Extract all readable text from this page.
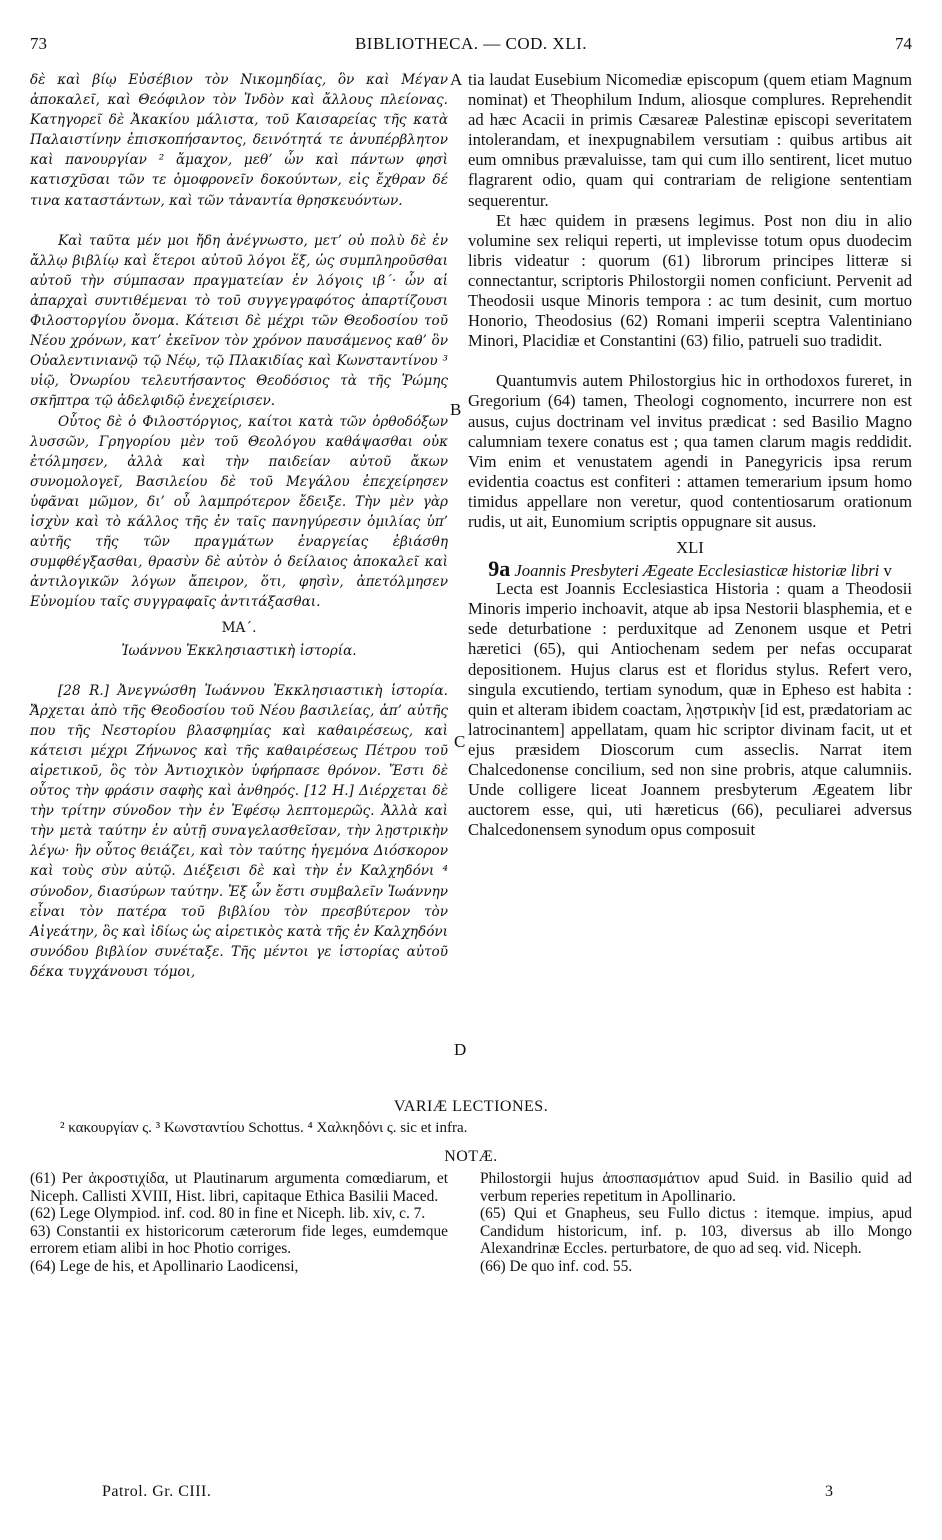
73	BIBLIOTHECA. — COD. XLI.	74

δὲ καὶ βίῳ Εὐσέβιον τὸν Νικομηδίας, ὃν καὶ Μέγαν ἀποκαλεῖ, καὶ Θεόφιλον τὸν Ἰνδὸν καὶ ἄλλους πλείονας. Κατηγορεῖ δὲ Ἀκακίου μάλιστα, τοῦ Καισαρείας τῆς κατὰ Παλαιστίνην ἐπισκοπήσαντος, δεινότητά τε ἀνυπέρβλητον καὶ πανουργίαν ² ἄμαχον, μεθ’ ὧν καὶ πάντων φησὶ κατισχῦσαι τῶν τε ὁμοφρονεῖν δοκούντων, εἰς ἔχθραν δέ τινα καταστάντων, καὶ τῶν τἀναντία θρησκευόντων.

Καὶ ταῦτα μέν μοι ἤδη ἀνέγνωστο, μετ’ οὐ πολὺ δὲ ἐν ἄλλῳ βιβλίῳ καὶ ἕτεροι αὐτοῦ λόγοι ἕξ, ὡς συμπληροῦσθαι αὐτοῦ τὴν σύμπασαν πραγματείαν ἐν λόγοις ιβ´· ὧν αἱ ἀπαρχαὶ συντιθέμεναι τὸ τοῦ συγγεγραφότος ἀπαρτίζουσι Φιλοστοργίου ὄνομα. Κάτεισι δὲ μέχρι τῶν Θεοδοσίου τοῦ Νέου χρόνων, κατ’ ἐκεῖνον τὸν χρόνον παυσάμενος καθ’ ὃν Οὐαλεντινιανῷ τῷ Νέῳ, τῷ Πλακιδίας καὶ Κωνσταντίνου ³ υἱῷ, Ὀνωρίου τελευτήσαντος Θεοδόσιος τὰ τῆς Ῥώμης σκῆπτρα τῷ ἀδελφιδῷ ἐνεχείρισεν.

Οὗτος δὲ ὁ Φιλοστόργιος, καίτοι κατὰ τῶν ὀρθοδόξων λυσσῶν, Γρηγορίου μὲν τοῦ Θεολόγου καθάψασθαι οὐκ ἐτόλμησεν, ἀλλὰ καὶ τὴν παιδείαν αὐτοῦ ἄκων συνομολογεῖ, Βασιλείου δὲ τοῦ Μεγάλου ἐπεχείρησεν ὑφᾶναι μῶμον, δι’ οὗ λαμπρότερον ἔδειξε. Τὴν μὲν γὰρ ἰσχὺν καὶ τὸ κάλλος τῆς ἐν ταῖς πανηγύρεσιν ὁμιλίας ὑπ’ αὐτῆς τῆς τῶν πραγμάτων ἐναργείας ἐβιάσθη συμφθέγξασθαι, θρασὺν δὲ αὐτὸν ὁ δείλαιος ἀποκαλεῖ καὶ ἀντιλογικῶν λόγων ἄπειρον, ὅτι, φησὶν, ἀπετόλμησεν Εὐνομίου ταῖς συγγραφαῖς ἀντιτάξασθαι.

ΜΑ΄.
Ἰωάννου Ἐκκλησιαστικὴ ἱστορία.

[28 R.] Ἀνεγνώσθη Ἰωάννου Ἐκκλησιαστικὴ ἱστορία. Ἄρχεται ἀπὸ τῆς Θεοδοσίου τοῦ Νέου βασιλείας, ἀπ’ αὐτῆς που τῆς Νεστορίου βλασφημίας καὶ καθαιρέσεως, καὶ κάτεισι μέχρι Ζήνωνος καὶ τῆς καθαιρέσεως Πέτρου τοῦ αἱρετικοῦ, ὃς τὸν Ἀντιοχικὸν ὑφήρπασε θρόνον. Ἔστι δὲ οὗτος τὴν φράσιν σαφὴς καὶ ἀνθηρός. [12 H.] Διέρχεται δὲ τὴν τρίτην σύνοδον τὴν ἐν Ἐφέσῳ λεπτομερῶς. Ἀλλὰ καὶ τὴν μετὰ ταύτην ἐν αὐτῇ συναγελασθεῖσαν, τὴν λῃστρικὴν λέγω· ἣν οὗτος θειάζει, καὶ τὸν ταύτης ἡγεμόνα Διόσκορον καὶ τοὺς σὺν αὐτῷ. Διέξεισι δὲ καὶ τὴν ἐν Καλχηδόνι ⁴ σύνοδον, διασύρων ταύτην. Ἐξ ὧν ἔστι συμβαλεῖν Ἰωάννην εἶναι τὸν πατέρα τοῦ βιβλίου τὸν πρεσβύτερον τὸν Αἰγεάτην, ὃς καὶ ἰδίως ὡς αἱρετικὸς κατὰ τῆς ἐν Καλχηδόνι συνόδου βιβλίον συνέταξε. Τῆς μέντοι γε ἱστορίας αὐτοῦ δέκα τυγχάνουσι τόμοι,

tia laudat Eusebium Nicomediæ episcopum (quem etiam Magnum nominat) et Theophilum Indum, aliosque complures. Reprehendit ad hæc Acacii in primis Cæsareæ Palestinæ episcopi severitatem intolerandam, et inexpugnabilem versutiam : quibus artibus ait eum omnibus prævaluisse, tam qui cum illo sentirent, licet mutuo flagrarent odio, quam qui contrariam de religione sententiam sequerentur.

Et hæc quidem in præsens legimus. Post non diu in alio volumine sex reliqui reperti, ut implevisse totum opus duodecim libris videatur : quorum (61) librorum principes litteræ si connectantur, scriptoris Philostorgii nomen conficiunt. Pervenit ad Theodosii usque Minoris tempora : ac tum desinit, cum mortuo Honorio, Theodosius (62) Romani imperii sceptra Valentiniano Minori, Placidiæ et Constantini (63) filio, patrueli suo tradidit.

Quantumvis autem Philostorgius hic in orthodoxos fureret, in Gregorium (64) tamen, Theologi cognomento, incurrere non est ausus, cujus doctrinam vel invitus prædicat : sed Basilio Magno calumniam texere conatus est ; qua tamen clarum magis reddidit. Vim enim et venustatem agendi in Panegyricis ipsa rerum evidentia coactus est confiteri : attamen temerarium ipsum homo timidus appellare non veretur, quod contentiosarum orationum rudis, ut ait, Eunomium scriptis oppugnare sit ausus.

XLI
9a Joannis Presbyteri Ægeate Ecclesiasticæ historiæ libri v

Lecta est Joannis Ecclesiastica Historia : quam a Theodosii Minoris imperio inchoavit, atque ab ipsa Nestorii blasphemia, et e sede deturbatione : perduxitque ad Zenonem usque et Petri hæretici (65), qui Antiochenam sedem per nefas occuparat depositionem. Hujus clarus est et floridus stylus. Refert vero, singula excutiendo, tertiam synodum, quæ in Epheso est habita : quin et alteram ibidem coactam, λῃστρικὴν [id est, prædatoriam ac latrocinantem] appellatam, quam hic scriptor divinam facit, ut et ejus præsidem Dioscorum cum asseclis. Narrat item Chalcedonense concilium, sed non sine probris, atque calumniis. Unde colligere liceat Joannem presbyterum Ægeatem libr auctorem esse, qui, uti hæreticus (66), peculiarei adversus Chalcedonensem synodum opus composuit

A
B
C
D
VARIÆ LECTIONES.
² κακουργίαν ς. ³ Κωνσταντίου Schottus. ⁴ Χαλκηδόνι ς. sic et infra.
NOTÆ.

(61) Per ἀκροστιχίδα, ut Plautinarum argumenta comœdiarum, et Niceph. Callisti XVIII, Hist. libri, capitaque Ethica Basilii Maced.

(62) Lege Olympiod. inf. cod. 80 in fine et Niceph. lib. xiv, c. 7.

63) Constantii ex historicorum cæterorum fide leges, eumdemque errorem etiam alibi in hoc Photio corriges.

(64) Lege de his, et Apollinario Laodicensi,

Philostorgii hujus ἀποσπασμάτιον apud Suid. in Basilio quid ad verbum reperies repetitum in Apollinario.

(65) Qui et Gnapheus, seu Fullo dictus : itemque. impius, apud Candidum historicum, inf. p. 103, diversus ab illo Mongo Alexandrinæ Eccles. perturbatore, de quo ad seq. vid. Niceph.

(66) De quo inf. cod. 55.

Patrol. Gr. CIII.	3
